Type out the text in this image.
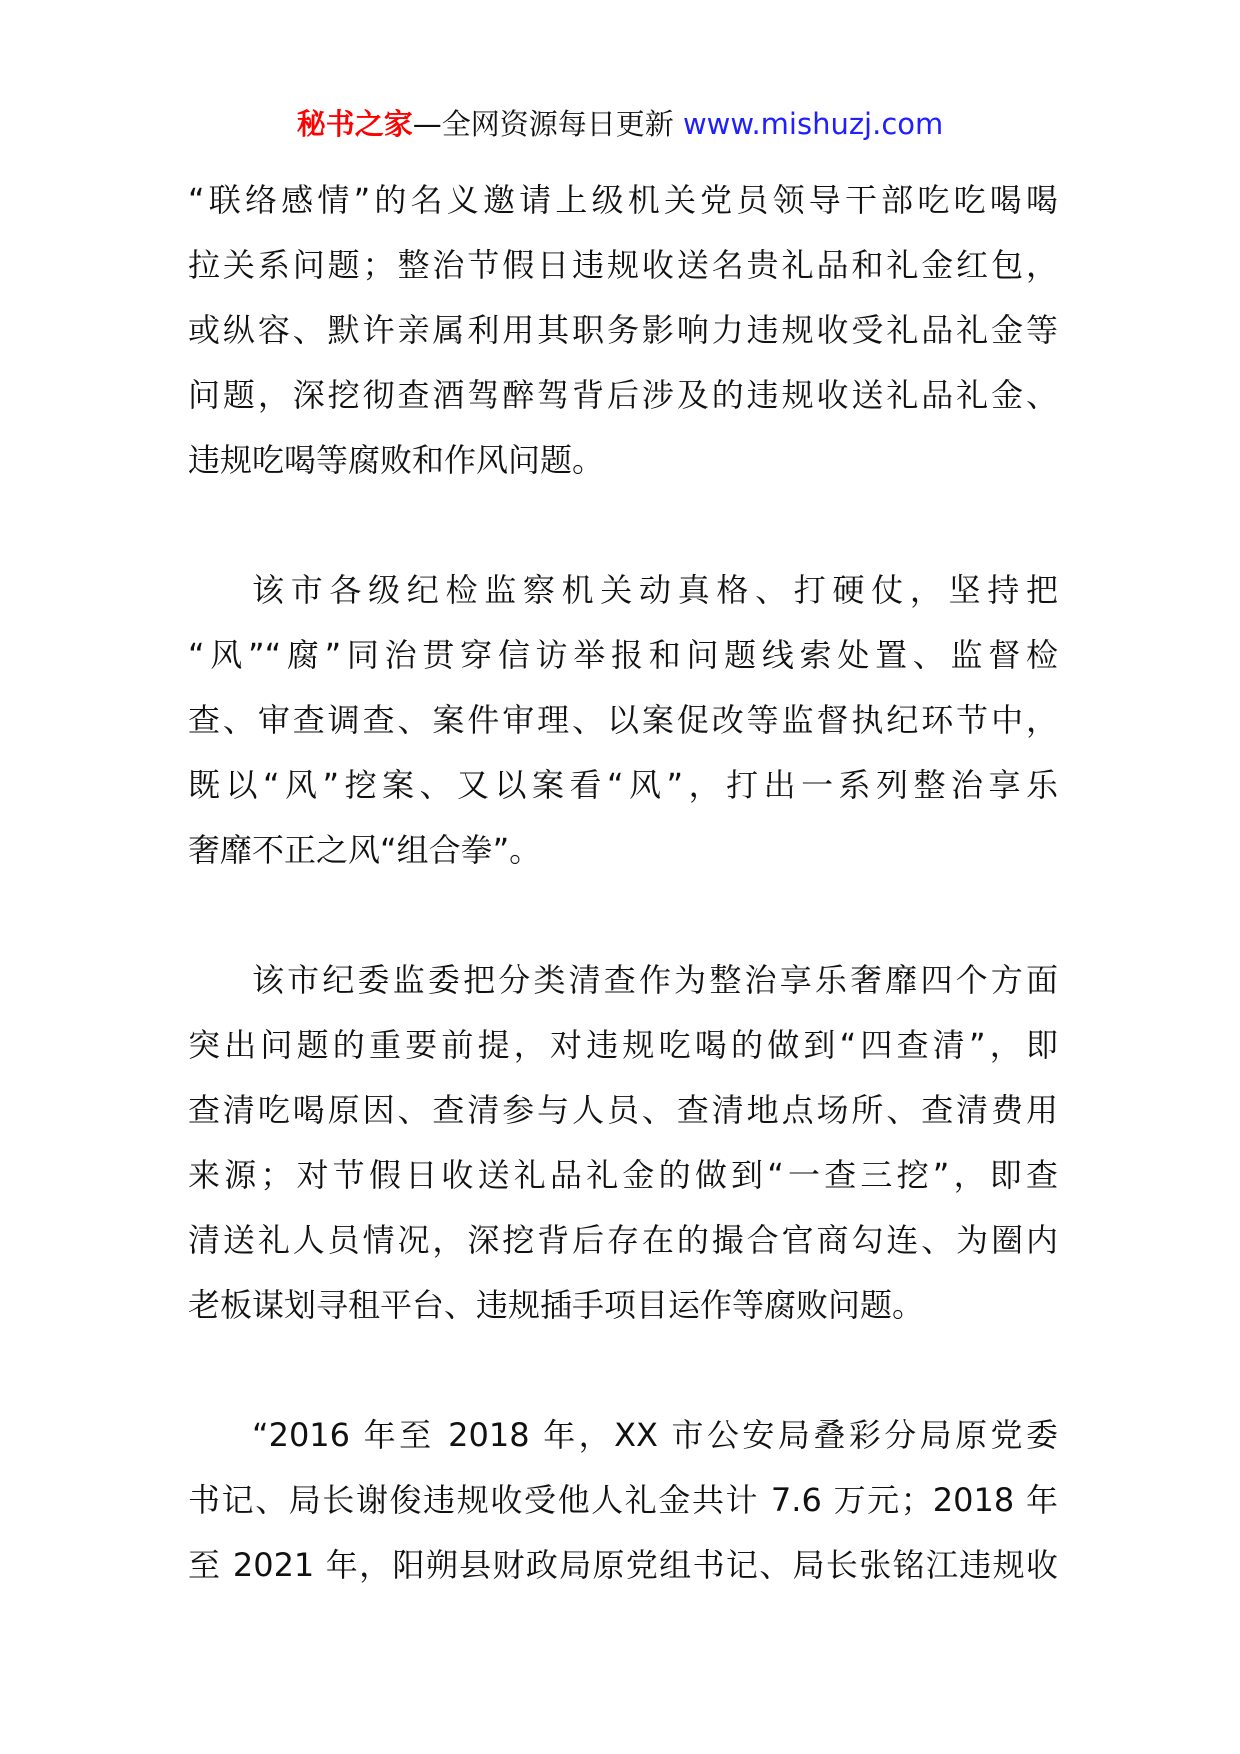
秘书之家—全网资源每日更新 www.mishuzj.com
“联络感情”的名义邀请上级机关党员领导干部吃吃喝喝
拉关系问题；整治节假日违规收送名贵礼品和礼金红包，
或纵容、默许亲属利用其职务影响力违规收受礼品礼金等
问题，深挖彻查酒驾醉驾背后涉及的违规收送礼品礼金、
违规吃喝等腐败和作风问题。
该市各级纪检监察机关动真格、打硬仗，坚持把
“风”“腐”同治贯穿信访举报和问题线索处置、监督检
查、审查调查、案件审理、以案促改等监督执纪环节中，
既以“风”挖案、又以案看“风”，打出一系列整治享乐
奢靡不正之风“组合拳”。
该市纪委监委把分类清查作为整治享乐奢靡四个方面
突出问题的重要前提，对违规吃喝的做到“四查清”，即
查清吃喝原因、查清参与人员、查清地点场所、查清费用
来源；对节假日收送礼品礼金的做到“一查三挖”，即查
清送礼人员情况，深挖背后存在的撮合官商勾连、为圈内
老板谋划寻租平台、违规插手项目运作等腐败问题。
“2016 年至 2018 年，XX 市公安局叠彩分局原党委
书记、局长谢俊违规收受他人礼金共计 7.6 万元；2018 年
至 2021 年，阳朔县财政局原党组书记、局长张铭江违规收
